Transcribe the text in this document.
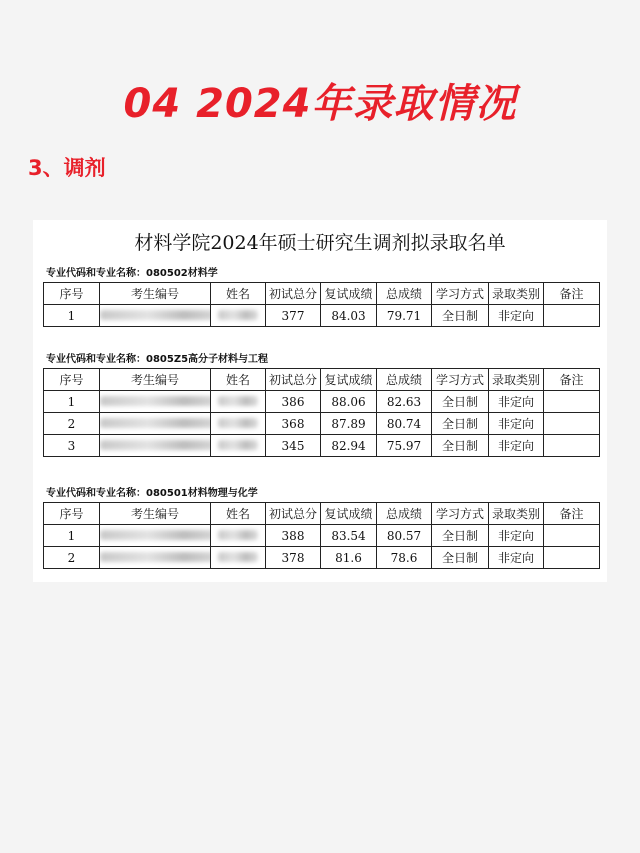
04 2024年录取情况
3、调剂
材料学院2024年硕士研究生调剂拟录取名单
专业代码和专业名称：080502材料学
序号	考生编号	姓名	初试总分	复试成绩	总成绩	学习方式	录取类别	备注
1			377	84.03	79.71	全日制	非定向	
专业代码和专业名称：0805Z5高分子材料与工程
序号	考生编号	姓名	初试总分	复试成绩	总成绩	学习方式	录取类别	备注
1			386	88.06	82.63	全日制	非定向	
2			368	87.89	80.74	全日制	非定向	
3			345	82.94	75.97	全日制	非定向	
专业代码和专业名称：080501材料物理与化学
序号	考生编号	姓名	初试总分	复试成绩	总成绩	学习方式	录取类别	备注
1			388	83.54	80.57	全日制	非定向	
2			378	81.6	78.6	全日制	非定向	
